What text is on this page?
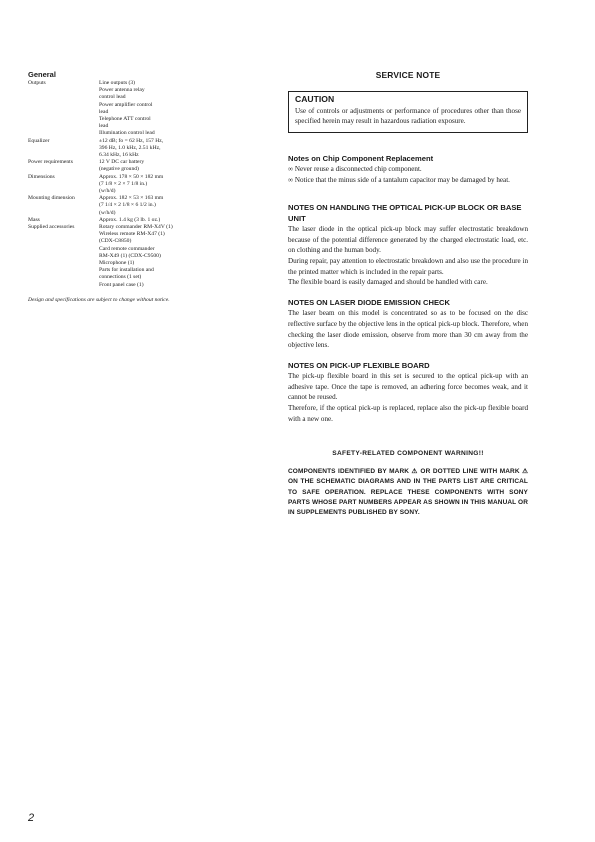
General
Outputs	Line outputs (3)
Power antenna relay
control lead
Power amplifier control
lead
Telephone ATT control
lead
Illumination control lead
Equalizer	±12 dB; fo = 62 Hz, 157 Hz,
396 Hz, 1.0 kHz, 2.51 kHz,
6.34 kHz, 16 kHz
Power requirements	12 V DC car battery
(negative ground)
Dimensions	Approx. 178 × 50 × 182 mm
(7 1/8 × 2 × 7 1/8 in.)
(w/h/d)
Mounting dimension	Approx. 182 × 53 × 163 mm
(7 1/4 × 2 1/8 × 6 1/2 in.)
(w/h/d)
Mass	Approx. 1.4 kg (3 lb. 1 oz.)
Supplied accessories	Rotary commander RM-X4V (1)
Wireless remote RM-X47 (1)
(CDX-C8850)
Card remote commander
RM-X49 (1) (CDX-C9500)
Microphone (1)
Parts for installation and
connections (1 set)
Front panel case (1)
Design and specifications are subject to change without notice.
SERVICE NOTE
CAUTION

Use of controls or adjustments or performance of procedures other than those specified herein may result in hazardous radiation exposure.

Notes on Chip Component Replacement

∞ Never reuse a disconnected chip component.

∞ Notice that the minus side of a tantalum capacitor may be damaged by heat.

NOTES ON HANDLING THE OPTICAL PICK-UP BLOCK OR BASE UNIT

The laser diode in the optical pick-up block may suffer electrostatic breakdown because of the potential difference generated by the charged electrostatic load, etc. on clothing and the human body.

During repair, pay attention to electrostatic breakdown and also use the procedure in the printed matter which is included in the repair parts.

The flexible board is easily damaged and should be handled with care.

NOTES ON LASER DIODE EMISSION CHECK

The laser beam on this model is concentrated so as to be focused on the disc reflective surface by the objective lens in the optical pick-up block. Therefore, when checking the laser diode emission, observe from more than 30 cm away from the objective lens.

NOTES ON PICK-UP FLEXIBLE BOARD

The pick-up flexible board in this set is secured to the optical pick-up with an adhesive tape. Once the tape is removed, an adhering force becomes weak, and it cannot be reused.

Therefore, if the optical pick-up is replaced, replace also the pick-up flexible board with a new one.

SAFETY-RELATED COMPONENT WARNING!!

COMPONENTS IDENTIFIED BY MARK ⚠ OR DOTTED LINE WITH MARK ⚠ ON THE SCHEMATIC DIAGRAMS AND IN THE PARTS LIST ARE CRITICAL TO SAFE OPERATION. REPLACE THESE COMPONENTS WITH SONY PARTS WHOSE PART NUMBERS APPEAR AS SHOWN IN THIS MANUAL OR IN SUPPLEMENTS PUBLISHED BY SONY.

2
